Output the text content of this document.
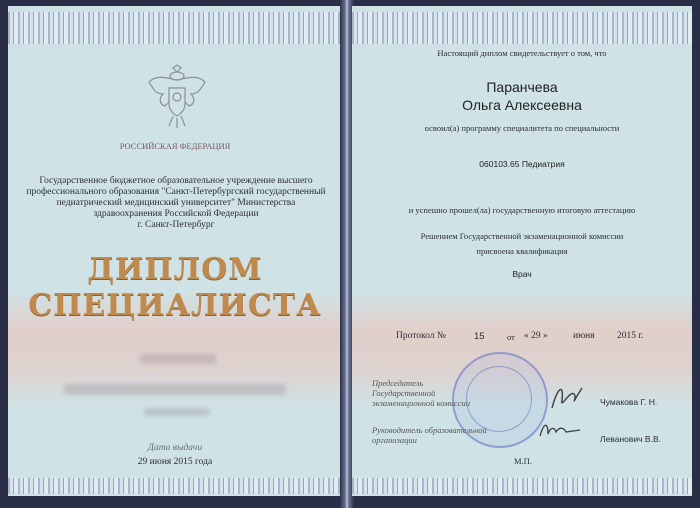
РОССИЙСКАЯ ФЕДЕРАЦИЯ
Государственное бюджетное образовательное учреждение высшего
профессионального образования "Санкт-Петербургский государственный
педиатрический медицинский университет" Министерства
здравоохранения Российской Федерации
г. Санкт-Петербург
ДИПЛОМ
СПЕЦИАЛИСТА
Дата выдачи
29 июня 2015 года
Настоящий диплом свидетельствует о том, что
Паранчева
Ольга Алексеевна
освоил(а) программу специалитета по специальности
060103.65 Педиатрия
и успешно прошел(ла) государственную итоговую аттестацию
Решением Государственной экзаменационной комиссии
присвоена квалификация
Врач
Протокол №	15	от « 29 »	июня 2015 г.
Председатель
Государственной
экзаменационной комиссии	Чумакова Г. Н.
Руководитель образовательной
организации	Леванович В.В.
М.П.
